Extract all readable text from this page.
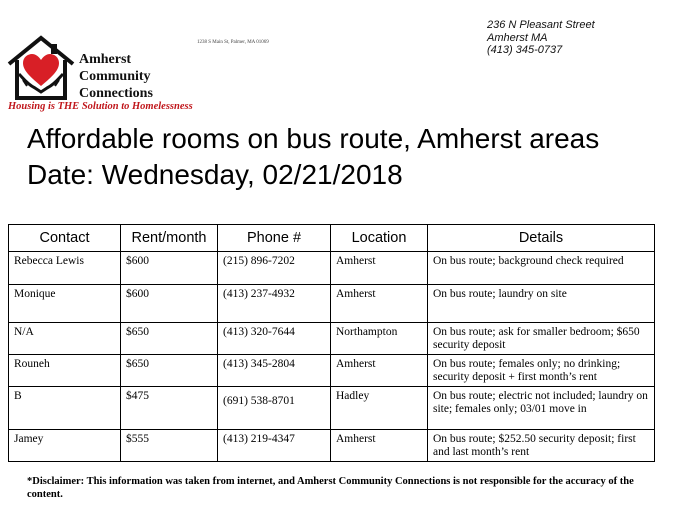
Amherst
Community
Connections
Housing is THE Solution to Homelessness
1238 S Main St, Palmer, MA 01069
236 N Pleasant Street
Amherst MA
(413) 345-0737
Affordable rooms on bus route, Amherst areas
Date: Wednesday, 02/21/2018
Contact	Rent/month	Phone #	Location	Details
Rebecca Lewis	$600	(215) 896-7202	Amherst	On bus route; background check required
Monique	$600	(413) 237-4932	Amherst	On bus route; laundry on site
N/A	$650	(413) 320-7644	Northampton	On bus route; ask for smaller bedroom; $650 security deposit
Rouneh	$650	(413) 345-2804	Amherst	On bus route; females only; no drinking; security deposit + first month’s rent
B	$475	(691) 538-8701	Hadley	On bus route; electric not included; laundry on site; females only; 03/01 move in
Jamey	$555	(413) 219-4347	Amherst	On bus route; $252.50 security deposit; first and last month’s rent
*Disclaimer: This information was taken from internet, and Amherst Community Connections is not responsible for the accuracy of the content.
